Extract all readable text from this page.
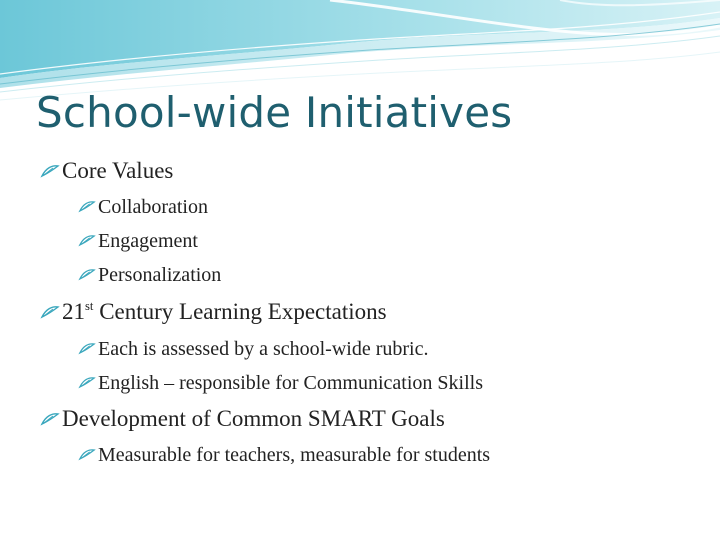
School-wide Initiatives
Core Values
Collaboration
Engagement
Personalization
21st Century Learning Expectations
Each is assessed by a school-wide rubric.
English – responsible for Communication Skills
Development of Common SMART Goals
Measurable for teachers, measurable for students
